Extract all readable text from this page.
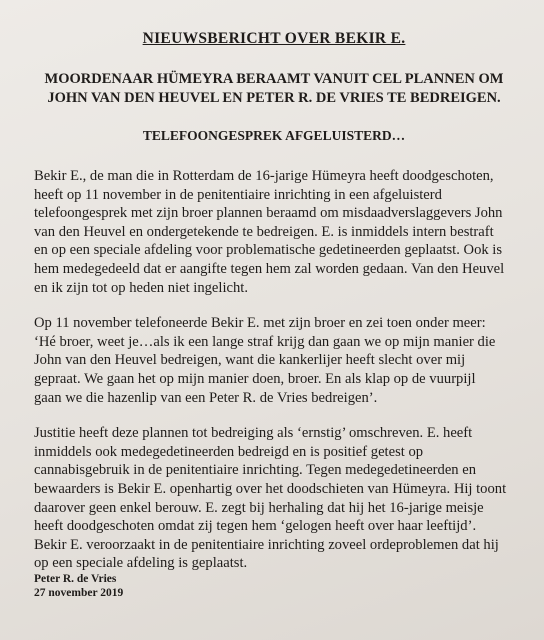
NIEUWSBERICHT OVER BEKIR E.
MOORDENAAR HÜMEYRA BERAAMT VANUIT CEL PLANNEN OM
JOHN VAN DEN HEUVEL EN PETER R. DE VRIES TE BEDREIGEN.
TELEFOONGESPREK AFGELUISTERD…
Bekir E., de man die in Rotterdam de 16-jarige Hümeyra heeft doodgeschoten,
heeft op 11 november in de penitentiaire inrichting in een afgeluisterd
telefoongesprek met zijn broer plannen beraamd om misdaadverslaggevers John
van den Heuvel en ondergetekende te bedreigen. E. is inmiddels intern bestraft
en op een speciale afdeling voor problematische gedetineerden geplaatst. Ook is
hem medegedeeld dat er aangifte tegen hem zal worden gedaan. Van den Heuvel
en ik zijn tot op heden niet ingelicht.
Op 11 november telefoneerde Bekir E. met zijn broer en zei toen onder meer:
‘Hé broer, weet je…als ik een lange straf krijg dan gaan we op mijn manier die
John van den Heuvel bedreigen, want die kankerlijer heeft slecht over mij
gepraat. We gaan het op mijn manier doen, broer. En als klap op de vuurpijl
gaan we die hazenlip van een Peter R. de Vries bedreigen’.
Justitie heeft deze plannen tot bedreiging als ‘ernstig’ omschreven. E. heeft
inmiddels ook medegedetineerden bedreigd en is positief getest op
cannabisgebruik in de penitentiaire inrichting. Tegen medegedetineerden en
bewaarders is Bekir E. openhartig over het doodschieten van Hümeyra. Hij toont
daarover geen enkel berouw. E. zegt bij herhaling dat hij het 16-jarige meisje
heeft doodgeschoten omdat zij tegen hem ‘gelogen heeft over haar leeftijd’.
Bekir E. veroorzaakt in de penitentiaire inrichting zoveel ordeproblemen dat hij
op een speciale afdeling is geplaatst.
Peter R. de Vries
27 november 2019
